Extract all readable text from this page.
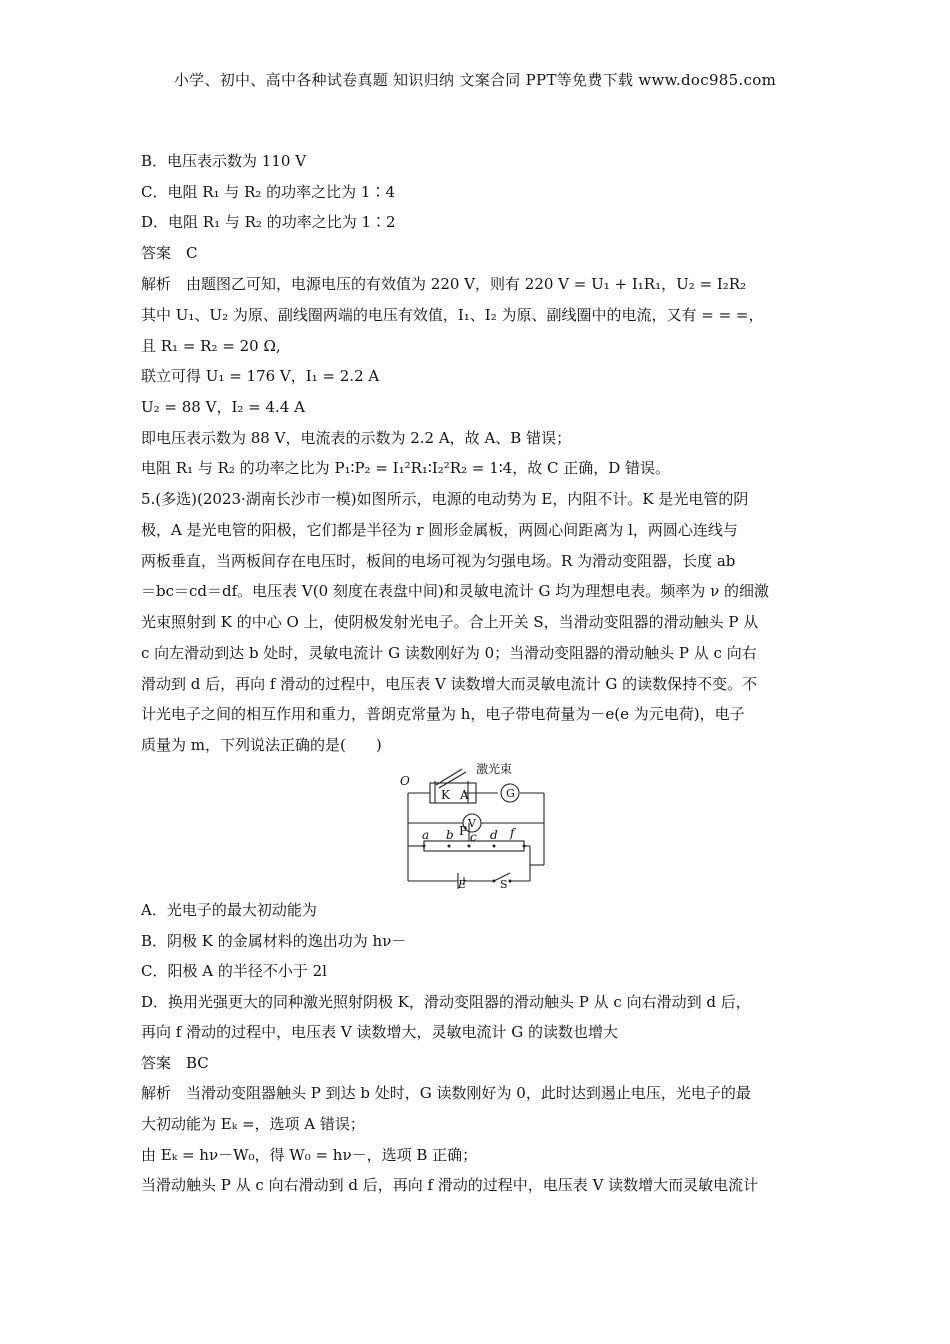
小学、初中、高中各种试卷真题 知识归纳 文案合同 PPT等免费下载 www.doc985.com
B．电压表示数为 110 V
C．电阻 R₁ 与 R₂ 的功率之比为 1∶4
D．电阻 R₁ 与 R₂ 的功率之比为 1∶2
答案　C
解析　由题图乙可知，电源电压的有效值为 220 V，则有 220 V = U₁ + I₁R₁，U₂ = I₂R₂
其中 U₁、U₂ 为原、副线圈两端的电压有效值，I₁、I₂ 为原、副线圈中的电流，又有 = = =，
且 R₁ = R₂ = 20 Ω,
联立可得 U₁ = 176 V，I₁ = 2.2 A
U₂ = 88 V，I₂ = 4.4 A
即电压表示数为 88 V，电流表的示数为 2.2 A，故 A、B 错误；
电阻 R₁ 与 R₂ 的功率之比为 P₁∶P₂ = I₁²R₁∶I₂²R₂ = 1∶4，故 C 正确，D 错误。
5.(多选)(2023·湖南长沙市一模)如图所示，电源的电动势为 E，内阻不计。K 是光电管的阴
极，A 是光电管的阳极，它们都是半径为 r 圆形金属板，两圆心间距离为 l，两圆心连线与
两板垂直，当两板间存在电压时，板间的电场可视为匀强电场。R 为滑动变阻器，长度 ab
＝bc＝cd＝df。电压表 V(0 刻度在表盘中间)和灵敏电流计 G 均为理想电表。频率为 ν 的细激
光束照射到 K 的中心 O 上，使阴极发射光电子。合上开关 S，当滑动变阻器的滑动触头 P 从
c 向左滑动到达 b 处时，灵敏电流计 G 读数刚好为 0；当滑动变阻器的滑动触头 P 从 c 向右
滑动到 d 后，再向 f 滑动的过程中，电压表 V 读数增大而灵敏电流计 G 的读数保持不变。不
计光电子之间的相互作用和重力，普朗克常量为 h，电子带电荷量为－e(e 为元电荷)，电子
质量为 m，下列说法正确的是(　　)
O
K A	G
V
激光束
a b P c d f
E	S
A．光电子的最大初动能为
B．阴极 K 的金属材料的逸出功为 hν－
C．阳极 A 的半径不小于 2l
D．换用光强更大的同种激光照射阴极 K，滑动变阻器的滑动触头 P 从 c 向右滑动到 d 后，
再向 f 滑动的过程中，电压表 V 读数增大，灵敏电流计 G 的读数也增大
答案　BC
解析　当滑动变阻器触头 P 到达 b 处时，G 读数刚好为 0，此时达到遏止电压，光电子的最
大初动能为 Eₖ =，选项 A 错误；
由 Eₖ = hν－W₀，得 W₀ = hν－，选项 B 正确；
当滑动触头 P 从 c 向右滑动到 d 后，再向 f 滑动的过程中，电压表 V 读数增大而灵敏电流计
